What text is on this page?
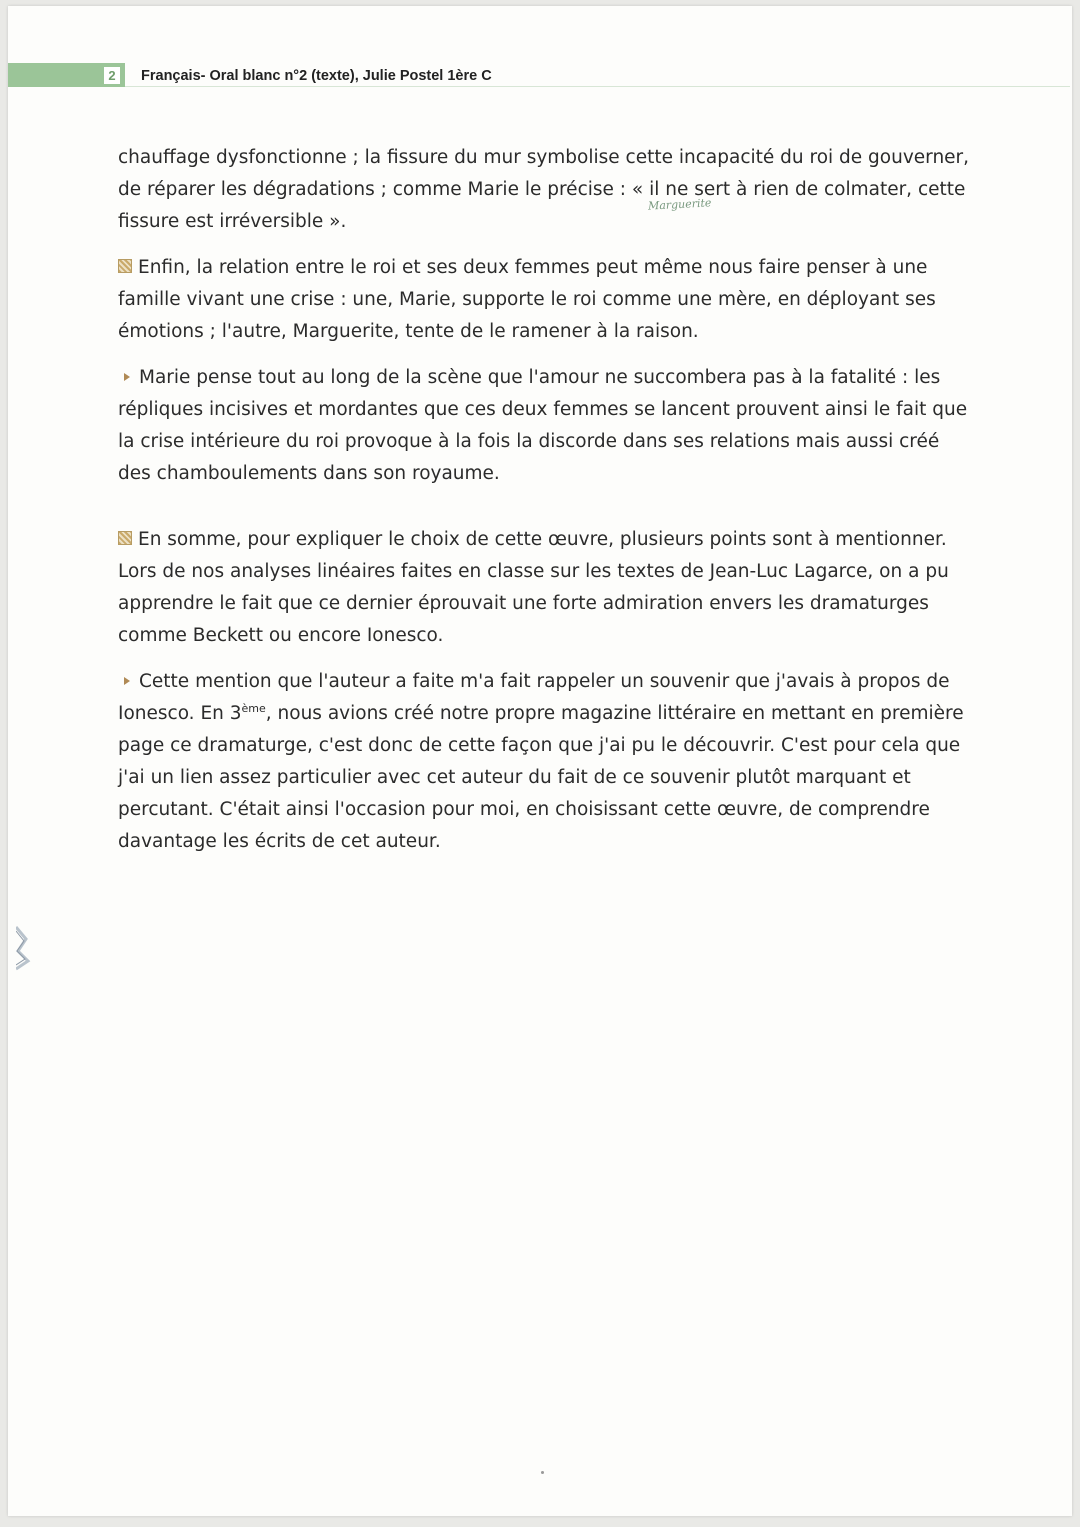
2	Français- Oral blanc n°2 (texte), Julie Postel 1ère C
Marguerite

chauffage dysfonctionne ; la fissure du mur symbolise cette incapacité du roi de gouverner, de réparer les dégradations ; comme Marie le précise : « il ne sert à rien de colmater, cette fissure est irréversible ».

Enfin, la relation entre le roi et ses deux femmes peut même nous faire penser à une famille vivant une crise : une, Marie, supporte le roi comme une mère, en déployant ses émotions ; l'autre, Marguerite, tente de le ramener à la raison.

Marie pense tout au long de la scène que l'amour ne succombera pas à la fatalité : les répliques incisives et mordantes que ces deux femmes se lancent prouvent ainsi le fait que la crise intérieure du roi provoque à la fois la discorde dans ses relations mais aussi créé des chamboulements dans son royaume.

En somme, pour expliquer le choix de cette œuvre, plusieurs points sont à mentionner. Lors de nos analyses linéaires faites en classe sur les textes de Jean-Luc Lagarce, on a pu apprendre le fait que ce dernier éprouvait une forte admiration envers les dramaturges comme Beckett ou encore Ionesco.

Cette mention que l'auteur a faite m'a fait rappeler un souvenir que j'avais à propos de Ionesco. En 3ème, nous avions créé notre propre magazine littéraire en mettant en première page ce dramaturge, c'est donc de cette façon que j'ai pu le découvrir. C'est pour cela que j'ai un lien assez particulier avec cet auteur du fait de ce souvenir plutôt marquant et percutant. C'était ainsi l'occasion pour moi, en choisissant cette œuvre, de comprendre davantage les écrits de cet auteur.
